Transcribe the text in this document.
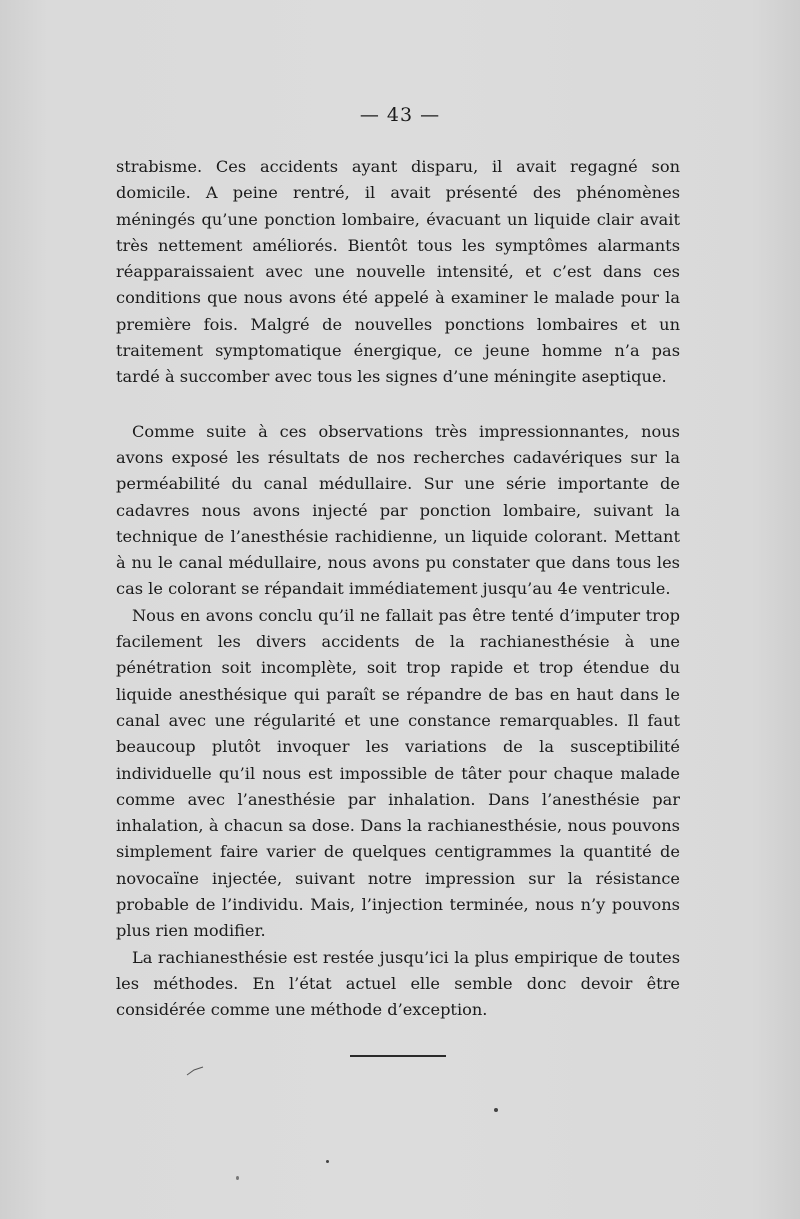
— 43 —

strabisme. Ces accidents ayant disparu, il avait regagné son domicile. A peine rentré, il avait présenté des phénomènes méningés qu’une ponction lombaire, évacuant un liquide clair avait très nettement améliorés. Bientôt tous les symptômes alarmants réapparaissaient avec une nouvelle intensité, et c’est dans ces conditions que nous avons été appelé à examiner le malade pour la première fois. Malgré de nouvelles ponctions lombaires et un traitement symptomatique énergique, ce jeune homme n’a pas tardé à succomber avec tous les signes d’une méningite aseptique.

Comme suite à ces observations très impressionnantes, nous avons exposé les résultats de nos recherches cadavériques sur la perméabilité du canal médullaire. Sur une série importante de cadavres nous avons injecté par ponction lombaire, suivant la technique de l’anesthésie rachidienne, un liquide colorant. Mettant à nu le canal médullaire, nous avons pu constater que dans tous les cas le colorant se répandait immédiatement jusqu’au 4e ventricule.

Nous en avons conclu qu’il ne fallait pas être tenté d’imputer trop facilement les divers accidents de la rachianesthésie à une pénétration soit incomplète, soit trop rapide et trop étendue du liquide anesthésique qui paraît se répandre de bas en haut dans le canal avec une régularité et une constance remarquables. Il faut beaucoup plutôt invoquer les variations de la susceptibilité individuelle qu’il nous est impossible de tâter pour chaque malade comme avec l’anesthésie par inhalation. Dans l’anesthésie par inhalation, à chacun sa dose. Dans la rachianesthésie, nous pouvons simplement faire varier de quelques centigrammes la quantité de novocaïne injectée, suivant notre impression sur la résistance probable de l’individu. Mais, l’injection terminée, nous n’y pouvons plus rien modifier.

La rachianesthésie est restée jusqu’ici la plus empirique de toutes les méthodes. En l’état actuel elle semble donc devoir être considérée comme une méthode d’exception.
